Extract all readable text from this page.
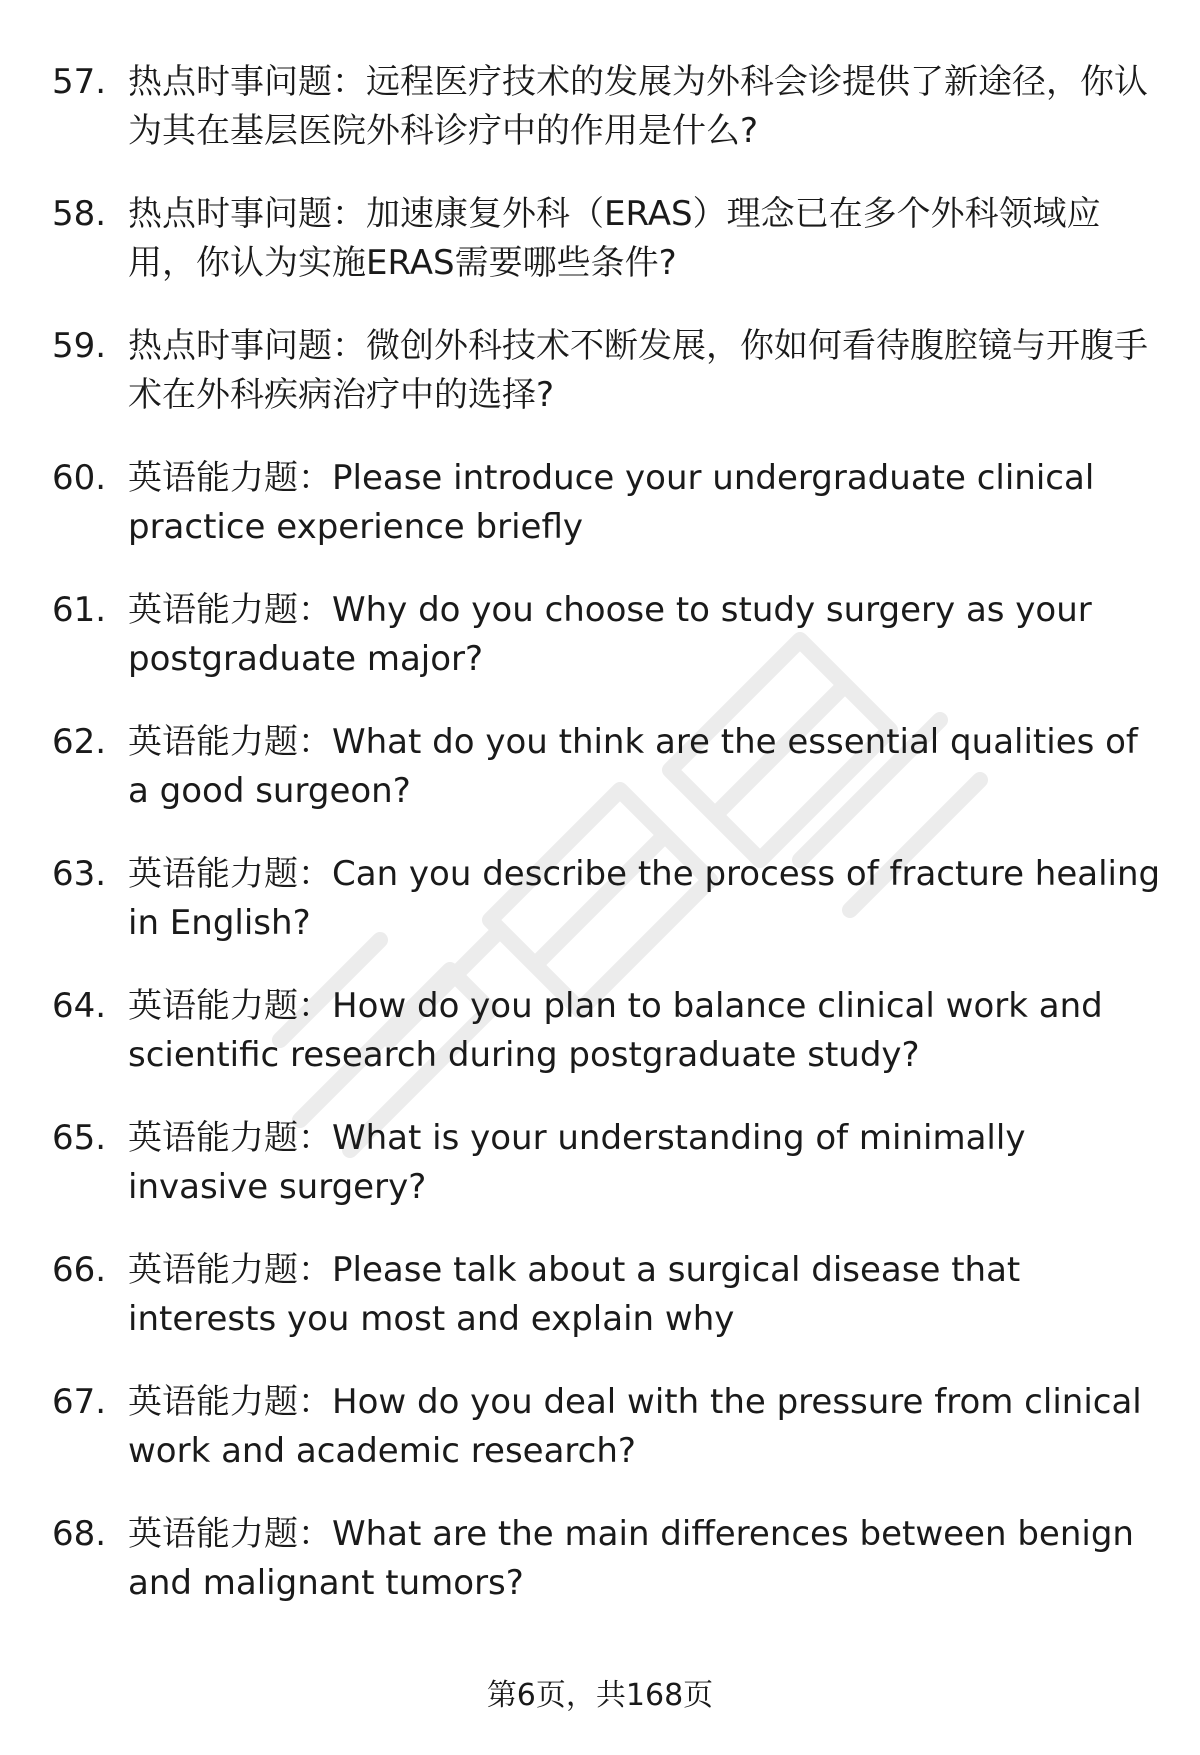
57. 热点时事问题：远程医疗技术的发展为外科会诊提供了新途径，你认为其在基层医院外科诊疗中的作用是什么?
58. 热点时事问题：加速康复外科（ERAS）理念已在多个外科领域应用，你认为实施ERAS需要哪些条件?
59. 热点时事问题：微创外科技术不断发展，你如何看待腹腔镜与开腹手术在外科疾病治疗中的选择?
60. 英语能力题：Please introduce your undergraduate clinical practice experience briefly
61. 英语能力题：Why do you choose to study surgery as your postgraduate major?
62. 英语能力题：What do you think are the essential qualities of a good surgeon?
63. 英语能力题：Can you describe the process of fracture healing in English?
64. 英语能力题：How do you plan to balance clinical work and scientific research during postgraduate study?
65. 英语能力题：What is your understanding of minimally invasive surgery?
66. 英语能力题：Please talk about a surgical disease that interests you most and explain why
67. 英语能力题：How do you deal with the pressure from clinical work and academic research?
68. 英语能力题：What are the main differences between benign and malignant tumors?
第6页，共168页
